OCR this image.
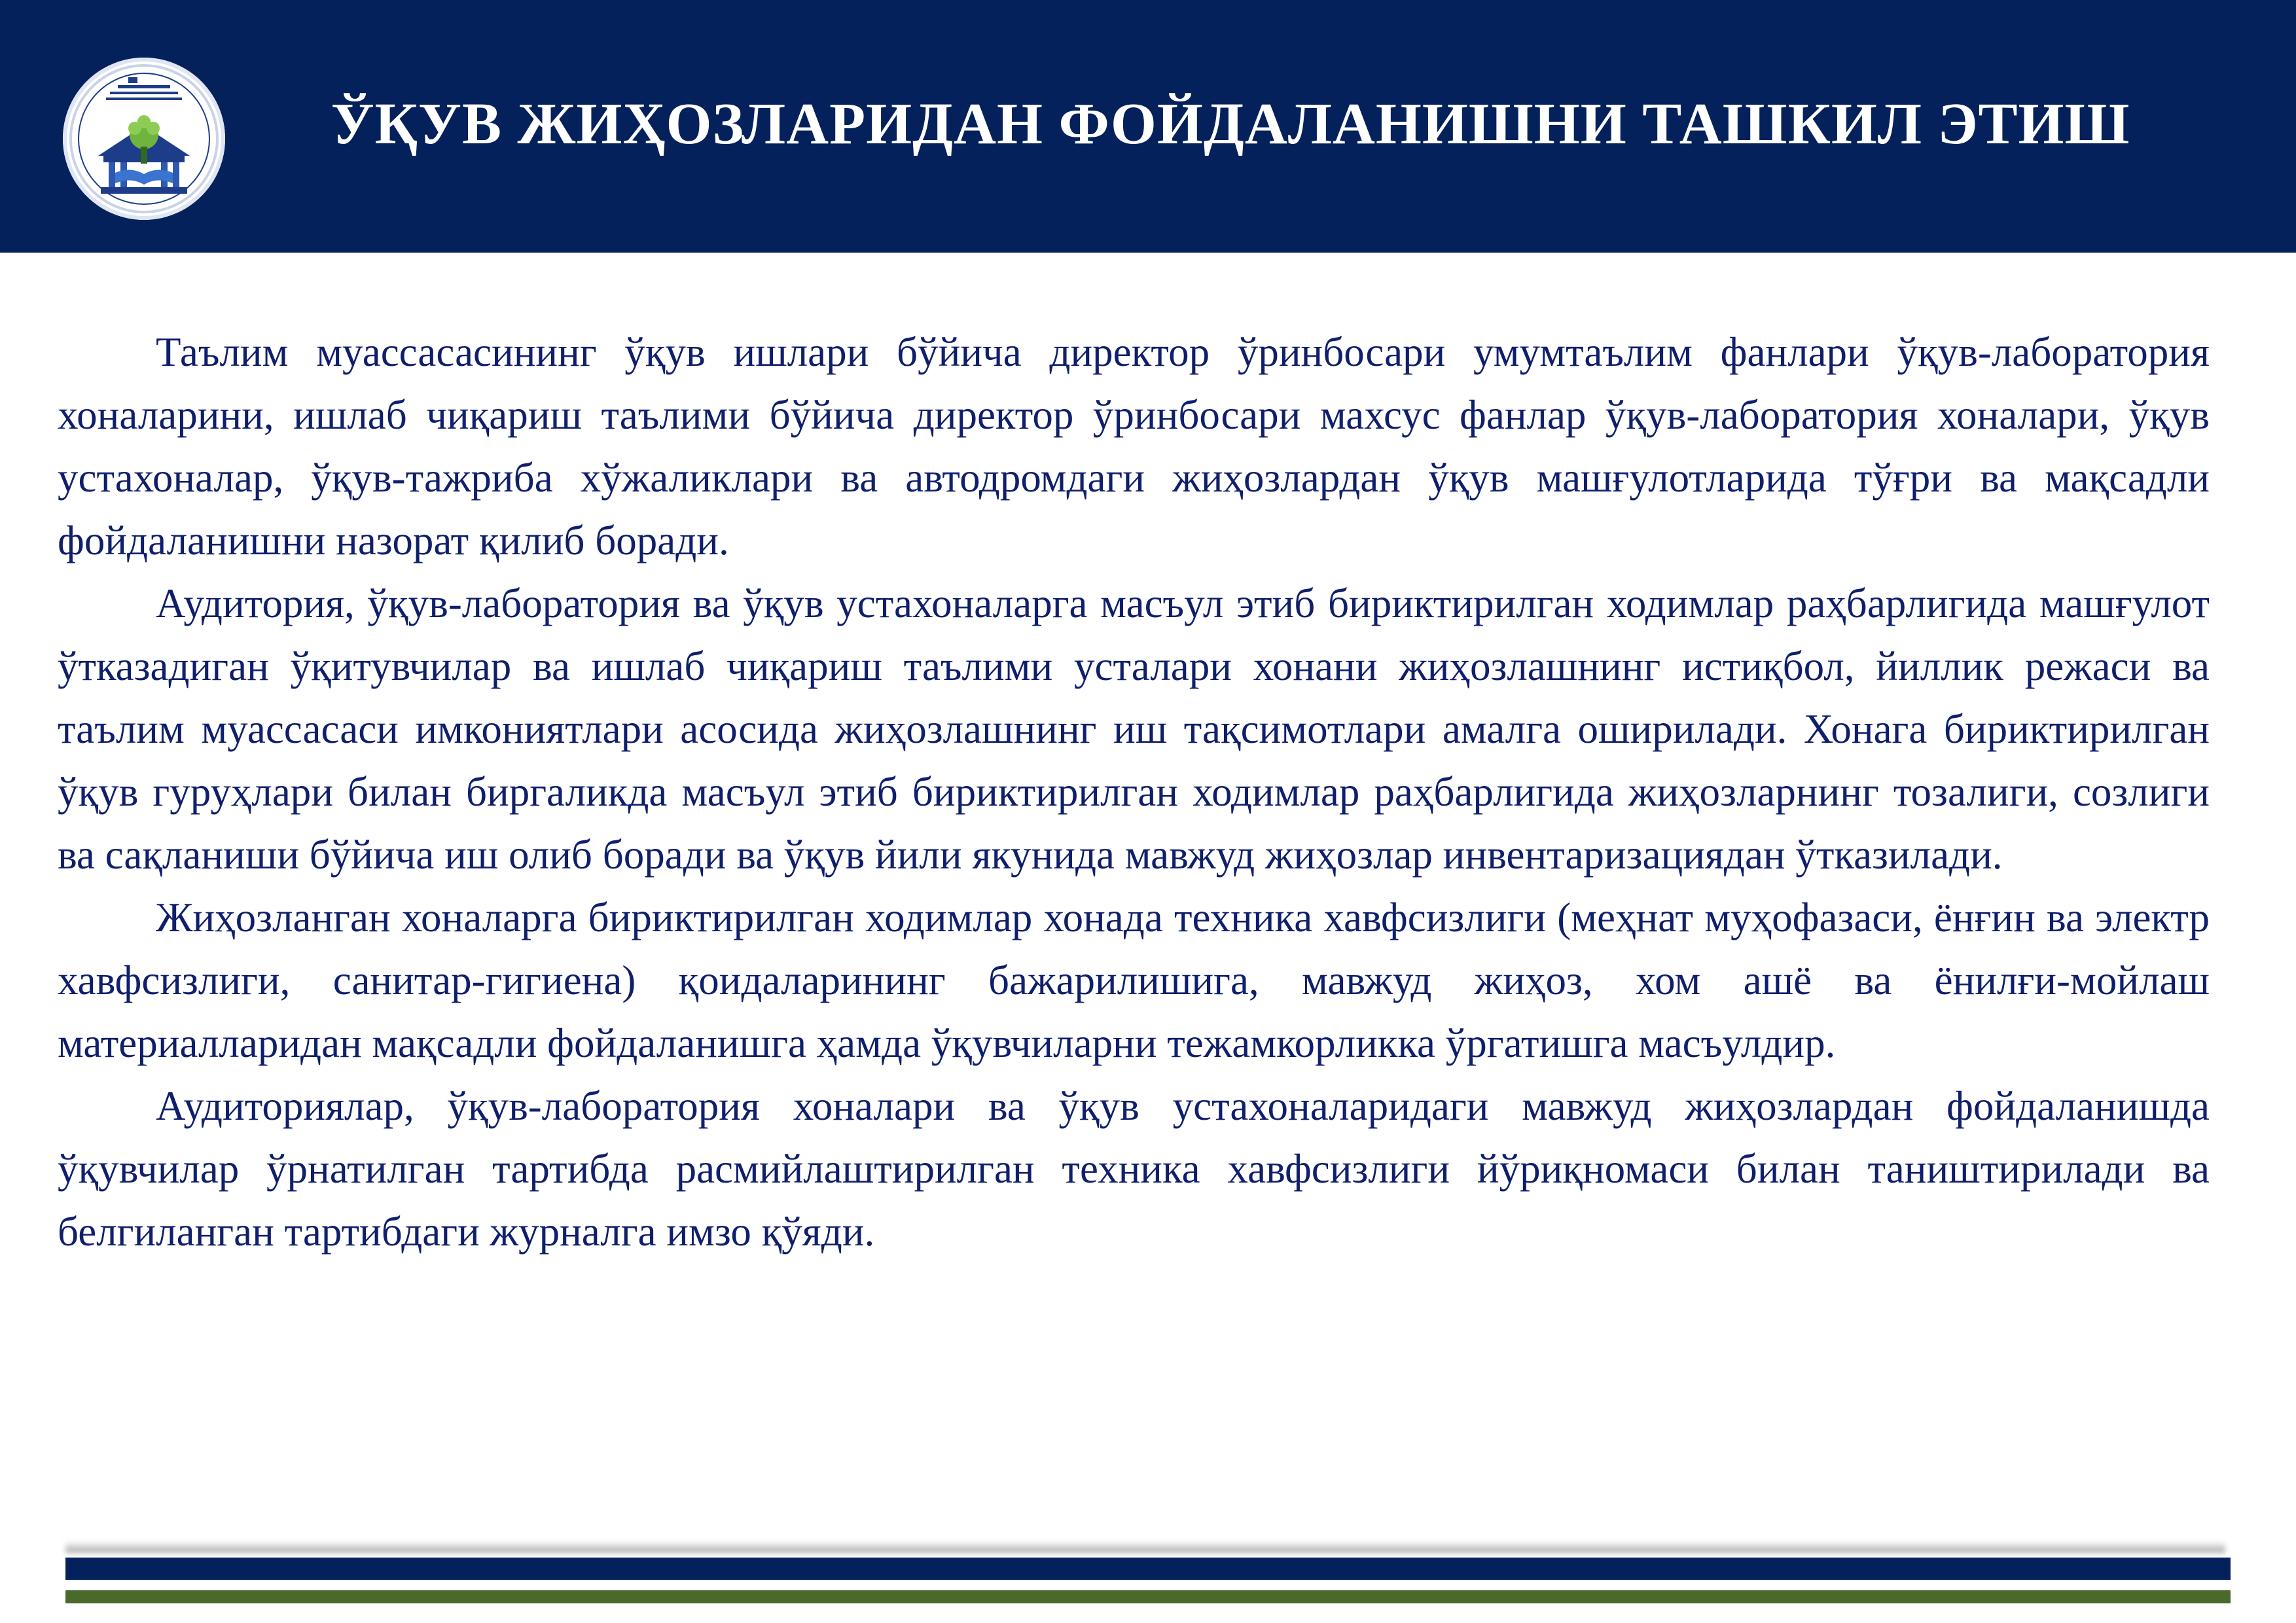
ЎҚУВ ЖИҲОЗЛАРИДАН ФОЙДАЛАНИШНИ ТАШКИЛ ЭТИШ

Таълим муассасасининг ўқув ишлари бўйича директор ўринбосари умумтаълим фанлари ўқув-лаборатория хоналарини, ишлаб чиқариш таълими бўйича директор ўринбосари махсус фанлар ўқув-лаборатория хоналари, ўқув устахоналар, ўқув-тажриба хўжаликлари ва автодромдаги жиҳозлардан ўқув машғулотларида тўғри ва мақсадли фойдаланишни назорат қилиб боради.

Аудитория, ўқув-лаборатория ва ўқув устахоналарга масъул этиб бириктирилган ходимлар раҳбарлигида машғулот ўтказадиган ўқитувчилар ва ишлаб чиқариш таълими усталари хонани жиҳозлашнинг истиқбол, йиллик режаси ва таълим муассасаси имкониятлари асосида жиҳозлашнинг иш тақсимотлари амалга оширилади. Хонага бириктирилган ўқув гуруҳлари билан биргаликда масъул этиб бириктирилган ходимлар раҳбарлигида жиҳозларнинг тозалиги, созлиги ва сақланиши бўйича иш олиб боради ва ўқув йили якунида мавжуд жиҳозлар инвентаризациядан ўтказилади.

Жиҳозланган хоналарга бириктирилган ходимлар хонада техника хавфсизлиги (меҳнат муҳофазаси, ёнғин ва электр хавфсизлиги, санитар-гигиена) қоидаларининг бажарилишига, мавжуд жиҳоз, хом ашё ва ёнилғи-мойлаш материалларидан мақсадли фойдаланишга ҳамда ўқувчиларни тежамкорликка ўргатишга масъулдир.

Аудиториялар, ўқув-лаборатория хоналари ва ўқув устахоналаридаги мавжуд жиҳозлардан фойдаланишда ўқувчилар ўрнатилган тартибда расмийлаштирилган техника хавфсизлиги йўриқномаси билан таништирилади ва белгиланган тартибдаги журналга имзо қўяди.
